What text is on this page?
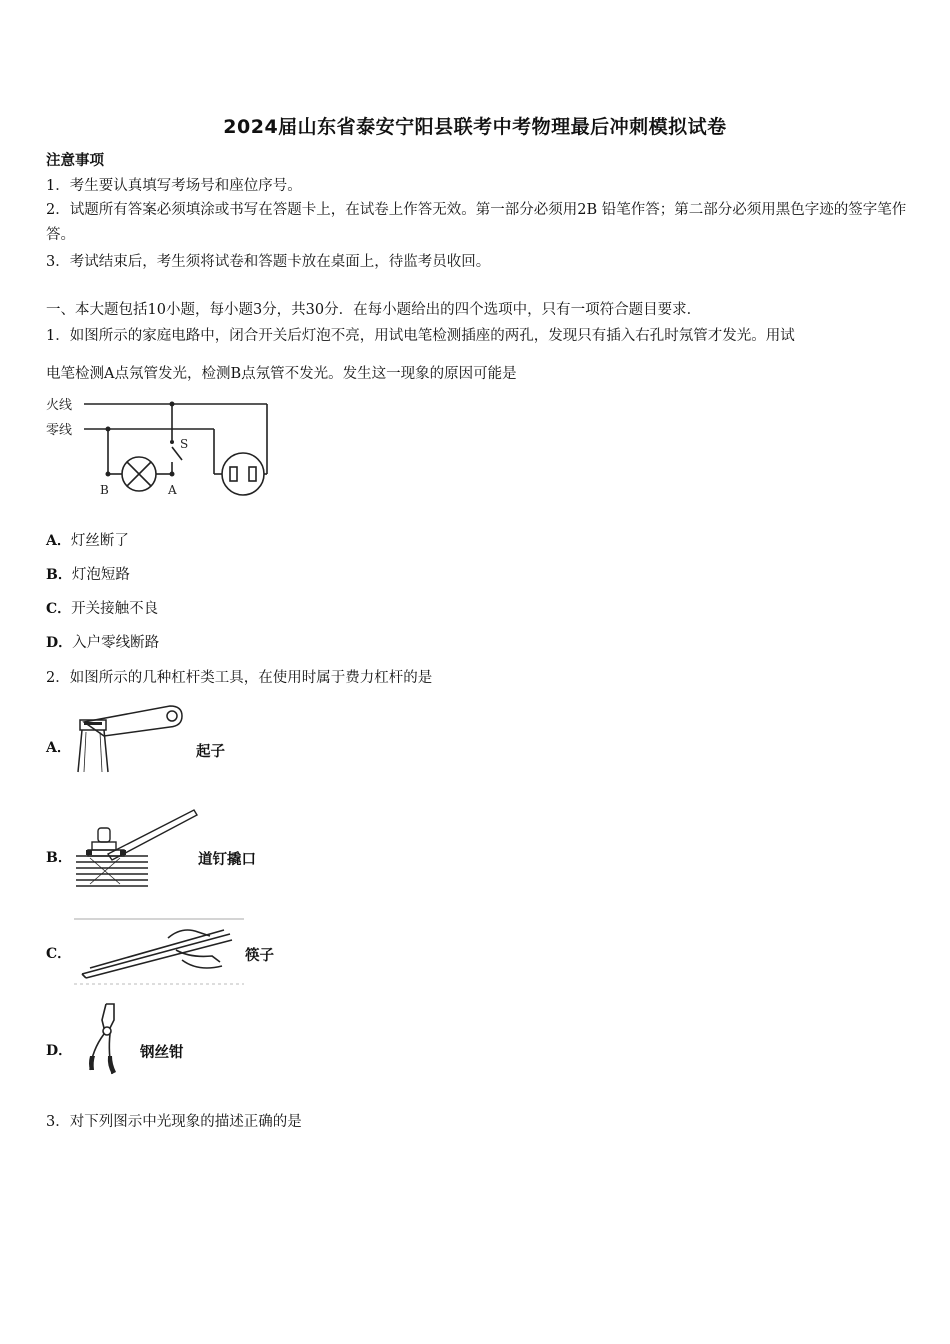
2024届山东省泰安宁阳县联考中考物理最后冲刺模拟试卷
注意事项
1．考生要认真填写考场号和座位序号。
2．试题所有答案必须填涂或书写在答题卡上，在试卷上作答无效。第一部分必须用2B 铅笔作答；第二部分必须用黑色字迹的签字笔作答。
3．考试结束后，考生须将试卷和答题卡放在桌面上，待监考员收回。
一、本大题包括10小题，每小题3分，共30分．在每小题给出的四个选项中，只有一项符合题目要求．
1．如图所示的家庭电路中，闭合开关后灯泡不亮，用试电笔检测插座的两孔，发现只有插入右孔时氖管才发光。用试
电笔检测A点氖管发光，检测B点氖管不发光。发生这一现象的原因可能是
火线
零线
S
B	A
A．灯丝断了
B．灯泡短路
C．开关接触不良
D．入户零线断路
2．如图所示的几种杠杆类工具，在使用时属于费力杠杆的是
A．	起子
B．	道钉撬口
C．	筷子
D．	钢丝钳
3．对下列图示中光现象的描述正确的是
